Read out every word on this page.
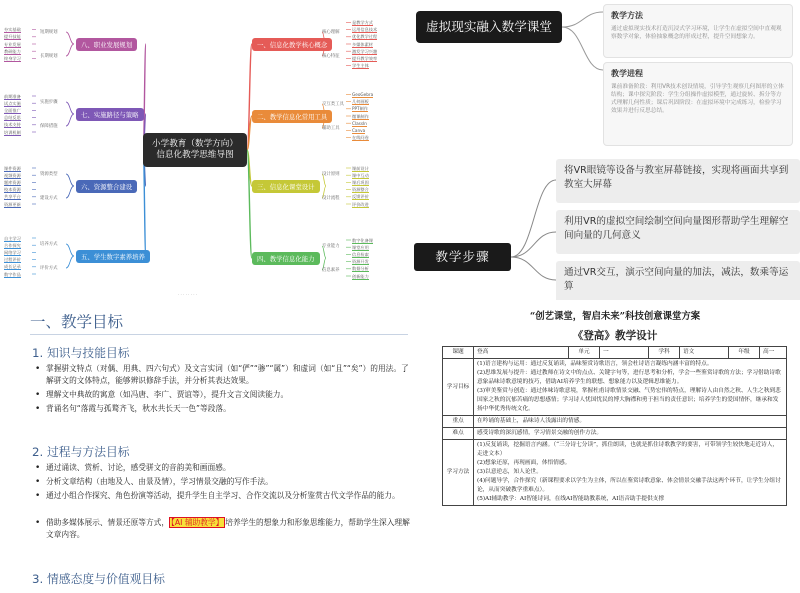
小学教育（数学方向）
信息化教学思维导图
一、信息化教学核心概念
核心理解
核心特征
是教学方式
运用信息技术
优化教学过程
多媒体素材
激发学习兴趣
提升教学效率
学生主体
二、教学信息化常用工具
交互类工具
辅助工具
GeoGebra
几何画板
PPT制作
微课制作
ClassIn
Canva
在线问卷
三、信息化课堂设计
设计原则
设计流程
课前设计
课中互动
课后巩固
资源整合
反馈评价
评价改进
四、教学信息化能力
专业能力
信息素养
数字化备课
课堂应用
信息检索
资源开发
数据分析
创新能力
八、职业发展规划
短期规划
长期规划
夯实基础
提升技能
专业发展
教研能力
终身学习
七、实施路径与策略
实施步骤
保障措施
前期准备
试点实施
全面推广
总结反思
技术支持
培训机制
六、资源整合建设
资源类型
建设方式
课件资源
视频资源
题库资源
校本资源
共享平台
资源更新
五、学生数字素养培养
培养方式
评价方式
自主学习
合作探究
网络学习
过程评价
成长记录
数字作品
· · · · · · · ·
虚拟现实融入数学课堂
教学方法
通过虚拟现实技术打造沉浸式学习环境，让学生在虚拟空间中直观观察数学对象，体验抽象概念的形成过程，提升空间想象力。
教学进程
课前准备阶段：利用VR技术创设情境，引导学生观察几何图形的立体结构；课中探究阶段：学生分组操作虚拟模型，通过旋转、拆分等方式理解几何性质；课后巩固阶段：在虚拟环境中完成练习，检验学习效果并进行反思总结。
教学步骤
将VR眼镜等设备与教室屏幕链接，实现将画面共享到教室大屏幕
利用VR的虚拟空间绘制空间向量图形帮助学生理解空间向量的几何意义
通过VR交互，演示空间向量的加法，减法，数乘等运算
一、教学目标
1. 知识与技能目标
• 掌握骈文特点（对偶、用典、四六句式）及文言实词（如“俨”“骖”“属”）和虚词（如“且”“矣”）的用法。了解骈文的文体特点，能够辨识修辞手法，并分析其表达效果。
• 理解文中典故的寓意（如冯唐、李广、贾谊等），提升文言文阅读能力。
• 背诵名句“落霞与孤鹜齐飞，秋水共长天一色”等段落。
2. 过程与方法目标
• 通过诵读、赏析、讨论，感受骈文的音韵美和画面感。
• 分析文章结构（由地及人、由景及情），学习情景交融的写作手法。
• 通过小组合作探究、角色扮演等活动，提升学生自主学习、合作交流以及分析鉴赏古代文学作品的能力。
• 借助多媒体展示、情景还原等方式， 【AI 辅助教学】 培养学生的想象力和形象思维能力，帮助学生深入理解文章内容。
3. 情感态度与价值观目标
“创艺课堂，智启未来”科技创意课堂方案
《登高》教学设计
课题	登高	单元	一	学科	语文	年级	高一
学习目标	(1)语言建构与运用：通过反复诵读，品味鉴赏诗歌语言，领会杜诗语言凝练内涵丰富的特点。

(2)思维发展与提升：通过教师在诗文中的点点、关键字句等，进行思考和分析，学会一些鉴赏诗歌的方法；学习借助诗歌意象品味诗歌意境的技巧，借助AI培养学生的联想、想象能力以及逻辑思维能力。

(3)审美鉴赏与创造：通过体味诗歌意境，掌握杜甫诗歌情景交融、气势宏伟的特点，理解诗人由自然之秋、人生之秋到悲国家之秋的沉郁苦痛的思想感情；学习诗人忧国忧民的博大胸襟和勇于担当的责任意识；培养学生的爱国情怀，继承和发扬中华优秀传统文化。						

重点	在吟诵的基础上，品味诗人浅露出的情感。						
难点	感受诗歌的深沉感情，学习情景交融的创作方法。						
学习方法	(1)反复诵读，挖掘语言内涵。（“三分诗七分读”，抓住朗读，也就是抓住诗歌教学的要害，可带领学生较快地走近诗人，走进文本）

(2)想象还原，再现画面，体悟情感。

(3)以意逆志，知人论世。

(4)问题导学，合作探究（新课程要求以学生为主体，所以在鉴赏诗歌意象、体会情景交融手法这两个环节，让学生分组讨论，从而突破教学重难点）。

(5)AI辅助教学：AI智能诗词，在线AI智能助教系统，AI语音助手提供支撑						
